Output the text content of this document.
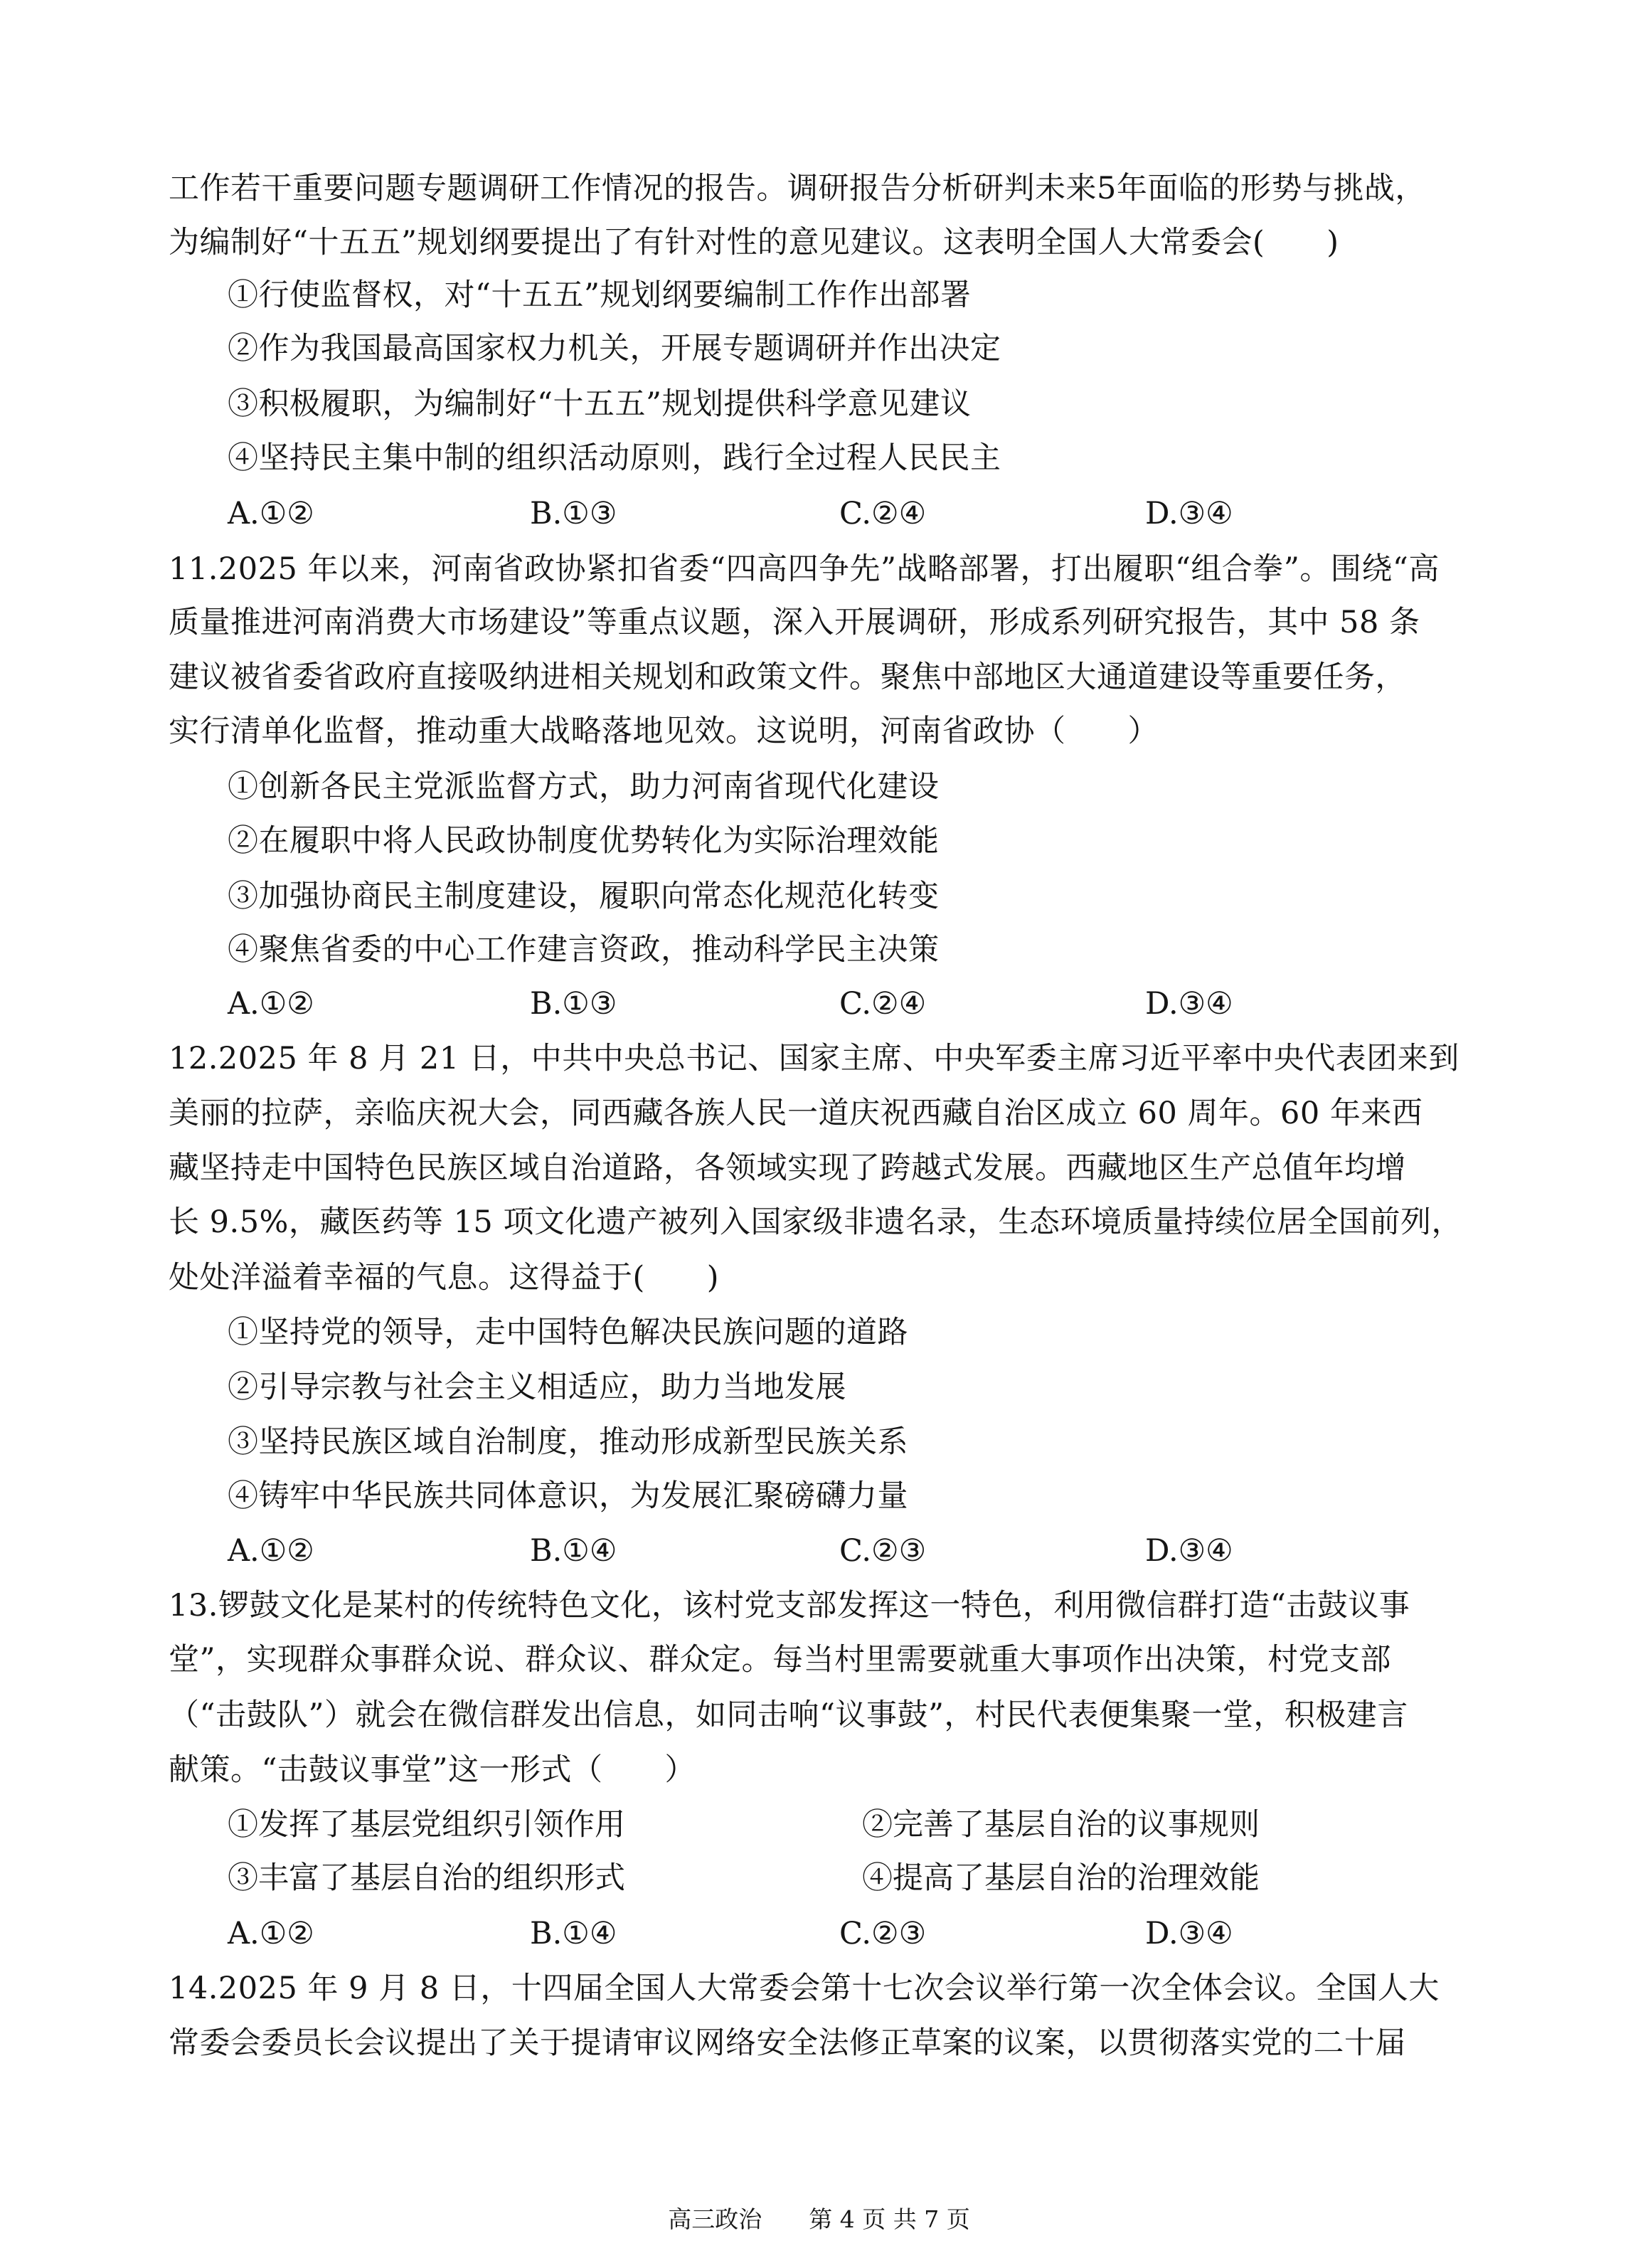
工作若干重要问题专题调研工作情况的报告。调研报告分析研判未来5年面临的形势与挑战，
为编制好“十五五”规划纲要提出了有针对性的意见建议。这表明全国人大常委会(　　)
①行使监督权，对“十五五”规划纲要编制工作作出部署
②作为我国最高国家权力机关，开展专题调研并作出决定
③积极履职，为编制好“十五五”规划提供科学意见建议
④坚持民主集中制的组织活动原则，践行全过程人民民主
A.①②	B.①③	C.②④	D.③④
11.2025 年以来，河南省政协紧扣省委“四高四争先”战略部署，打出履职“组合拳”。围绕“高
质量推进河南消费大市场建设”等重点议题，深入开展调研，形成系列研究报告，其中 58 条
建议被省委省政府直接吸纳进相关规划和政策文件。聚焦中部地区大通道建设等重要任务，
实行清单化监督，推动重大战略落地见效。这说明，河南省政协（　　）
①创新各民主党派监督方式，助力河南省现代化建设
②在履职中将人民政协制度优势转化为实际治理效能
③加强协商民主制度建设，履职向常态化规范化转变
④聚焦省委的中心工作建言资政，推动科学民主决策
A.①②	B.①③	C.②④	D.③④
12.2025 年 8 月 21 日，中共中央总书记、国家主席、中央军委主席习近平率中央代表团来到
美丽的拉萨，亲临庆祝大会，同西藏各族人民一道庆祝西藏自治区成立 60 周年。60 年来西
藏坚持走中国特色民族区域自治道路，各领域实现了跨越式发展。西藏地区生产总值年均增
长 9.5%，藏医药等 15 项文化遗产被列入国家级非遗名录，生态环境质量持续位居全国前列，
处处洋溢着幸福的气息。这得益于(　　)
①坚持党的领导，走中国特色解决民族问题的道路
②引导宗教与社会主义相适应，助力当地发展
③坚持民族区域自治制度，推动形成新型民族关系
④铸牢中华民族共同体意识，为发展汇聚磅礴力量
A.①②	B.①④	C.②③	D.③④
13.锣鼓文化是某村的传统特色文化，该村党支部发挥这一特色，利用微信群打造“击鼓议事
堂”，实现群众事群众说、群众议、群众定。每当村里需要就重大事项作出决策，村党支部
（“击鼓队”）就会在微信群发出信息，如同击响“议事鼓”，村民代表便集聚一堂，积极建言
献策。“击鼓议事堂”这一形式（　　）
①发挥了基层党组织引领作用	②完善了基层自治的议事规则
③丰富了基层自治的组织形式	④提高了基层自治的治理效能
A.①②	B.①④	C.②③	D.③④
14.2025 年 9 月 8 日，十四届全国人大常委会第十七次会议举行第一次全体会议。全国人大
常委会委员长会议提出了关于提请审议网络安全法修正草案的议案，以贯彻落实党的二十届
高三政治　　第 4 页 共 7 页
